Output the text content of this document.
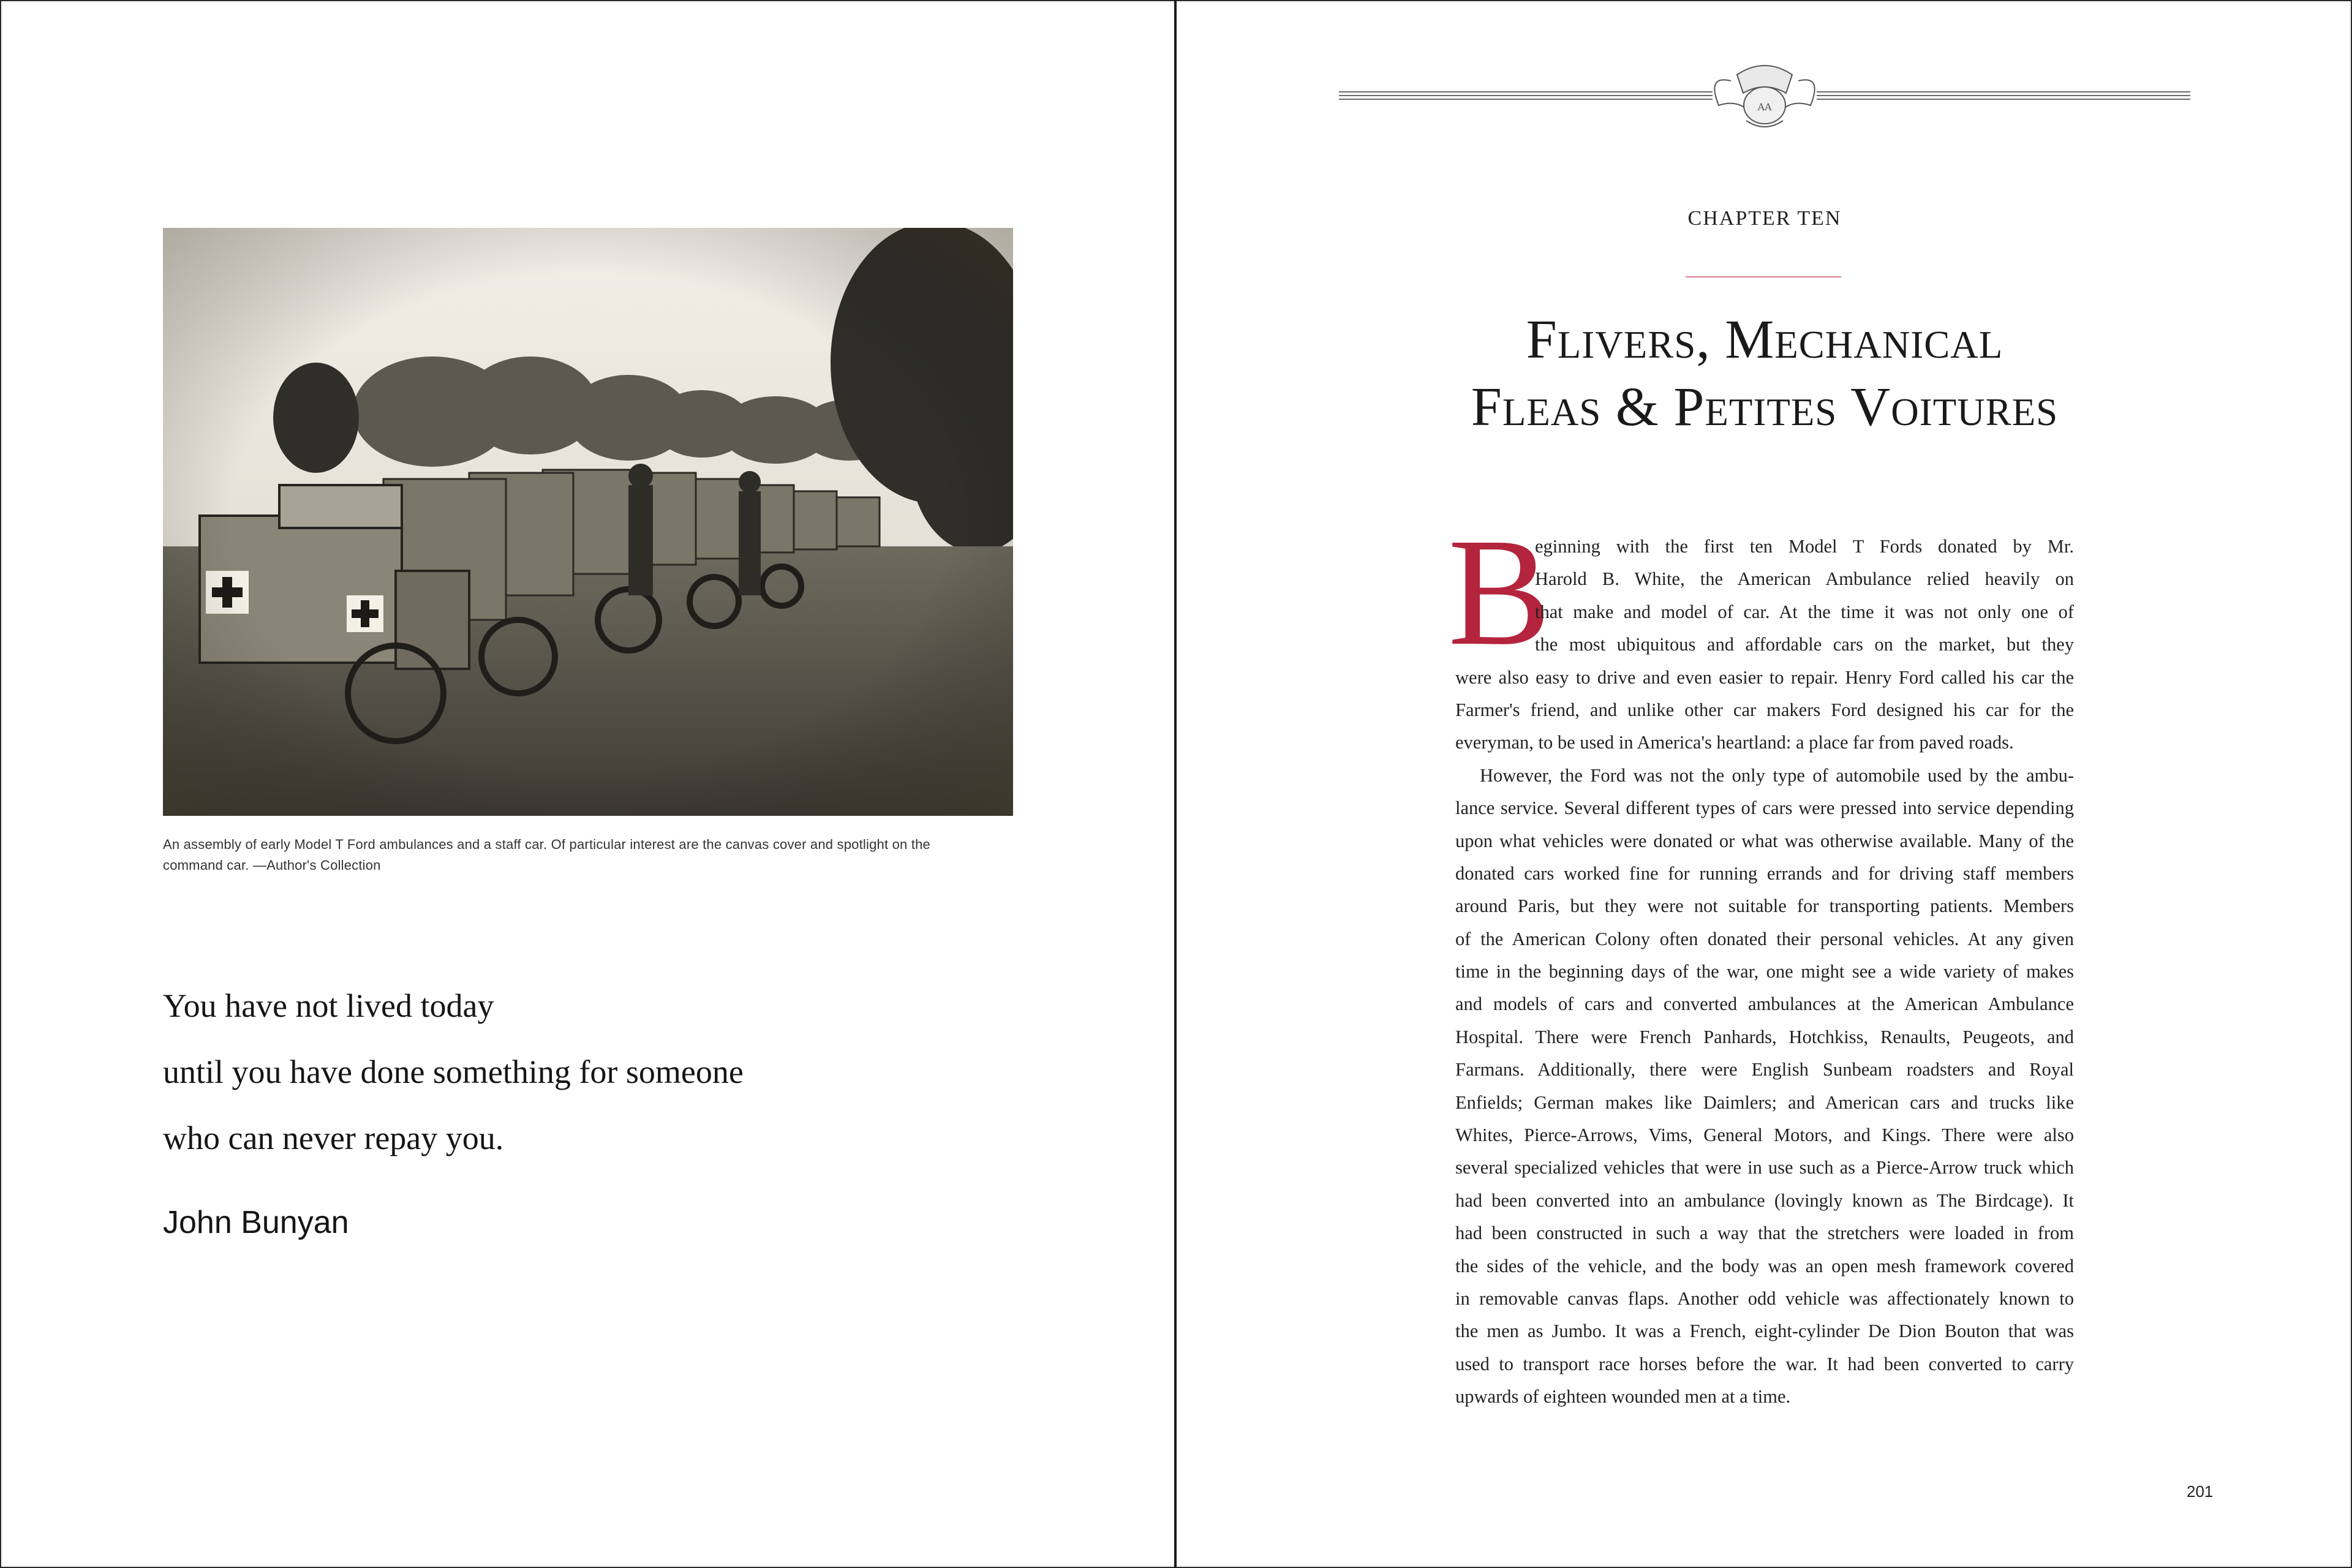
An assembly of early Model T Ford ambulances and a staff car. Of particular interest are the canvas cover and spotlight on the
command car. —Author's Collection
You have not lived today
until you have done something for someone
who can never repay you.
John Bunyan
AA
CHAPTER TEN
Flivers, Mechanical
Fleas & Petites Voitures
B
eginning with the first ten Model T Fords donated by Mr.
Harold B. White, the American Ambulance relied heavily on
that make and model of car. At the time it was not only one of
the most ubiquitous and affordable cars on the market, but they
were also easy to drive and even easier to repair. Henry Ford called his car the
Farmer's friend, and unlike other car makers Ford designed his car for the
everyman, to be used in America's heartland: a place far from paved roads.
However, the Ford was not the only type of automobile used by the ambu-
lance service. Several different types of cars were pressed into service depending
upon what vehicles were donated or what was otherwise available. Many of the
donated cars worked fine for running errands and for driving staff members
around Paris, but they were not suitable for transporting patients. Members
of the American Colony often donated their personal vehicles. At any given
time in the beginning days of the war, one might see a wide variety of makes
and models of cars and converted ambulances at the American Ambulance
Hospital. There were French Panhards, Hotchkiss, Renaults, Peugeots, and
Farmans. Additionally, there were English Sunbeam roadsters and Royal
Enfields; German makes like Daimlers; and American cars and trucks like
Whites, Pierce-Arrows, Vims, General Motors, and Kings. There were also
several specialized vehicles that were in use such as a Pierce-Arrow truck which
had been converted into an ambulance (lovingly known as The Birdcage). It
had been constructed in such a way that the stretchers were loaded in from
the sides of the vehicle, and the body was an open mesh framework covered
in removable canvas flaps. Another odd vehicle was affectionately known to
the men as Jumbo. It was a French, eight-cylinder De Dion Bouton that was
used to transport race horses before the war. It had been converted to carry
upwards of eighteen wounded men at a time.
201
